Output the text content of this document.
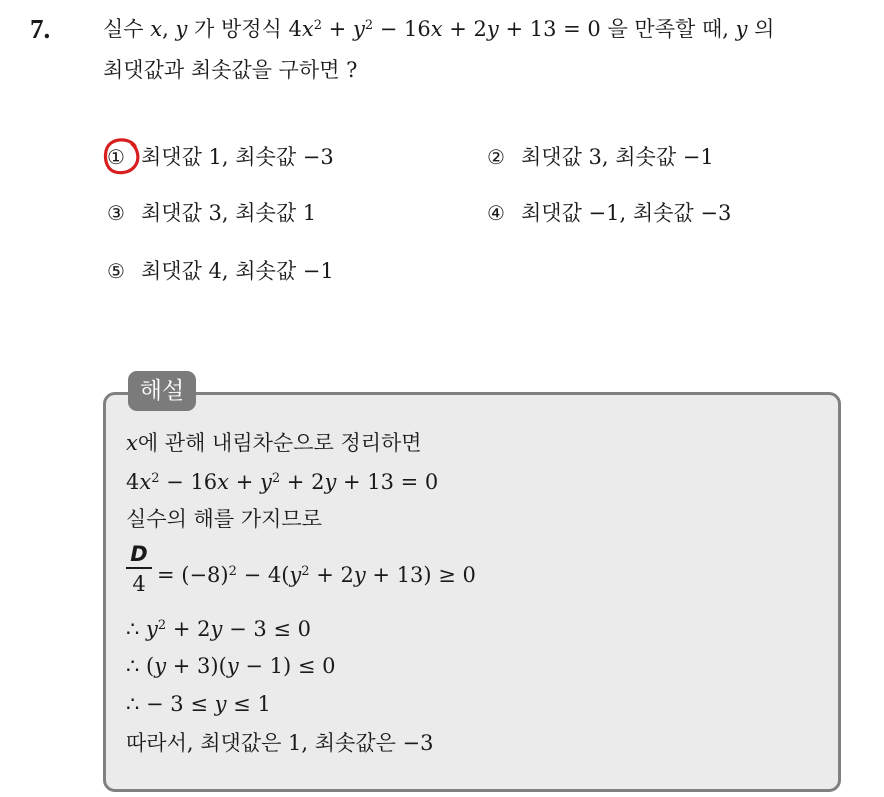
7.	실수 x, y 가 방정식 $4x^2 + y^2 - 16x + 2y + 13 = 0$ 을 만족할 때, y 의
최댓값과 최솟값을 구하면 ?
① 최댓값 1, 최솟값 −3	② 최댓값 3, 최솟값 −1
③ 최댓값 3, 최솟값 1	④ 최댓값 −1, 최솟값 −3
⑤ 최댓값 4, 최솟값 −1
해설
x에 관해 내림차순으로 정리하면
$4x^2 - 16x + y^2 + 2y + 13 = 0$
실수의 해를 가지므로
$\frac{D}{4} = (-8)^2 - 4(y^2 + 2y + 13) \ge 0$
∴ $y^2 + 2y - 3 \le 0$
∴ (y + 3)(y − 1) ≤ 0
∴ − 3 ≤ y ≤ 1
따라서, 최댓값은 1, 최솟값은 −3
